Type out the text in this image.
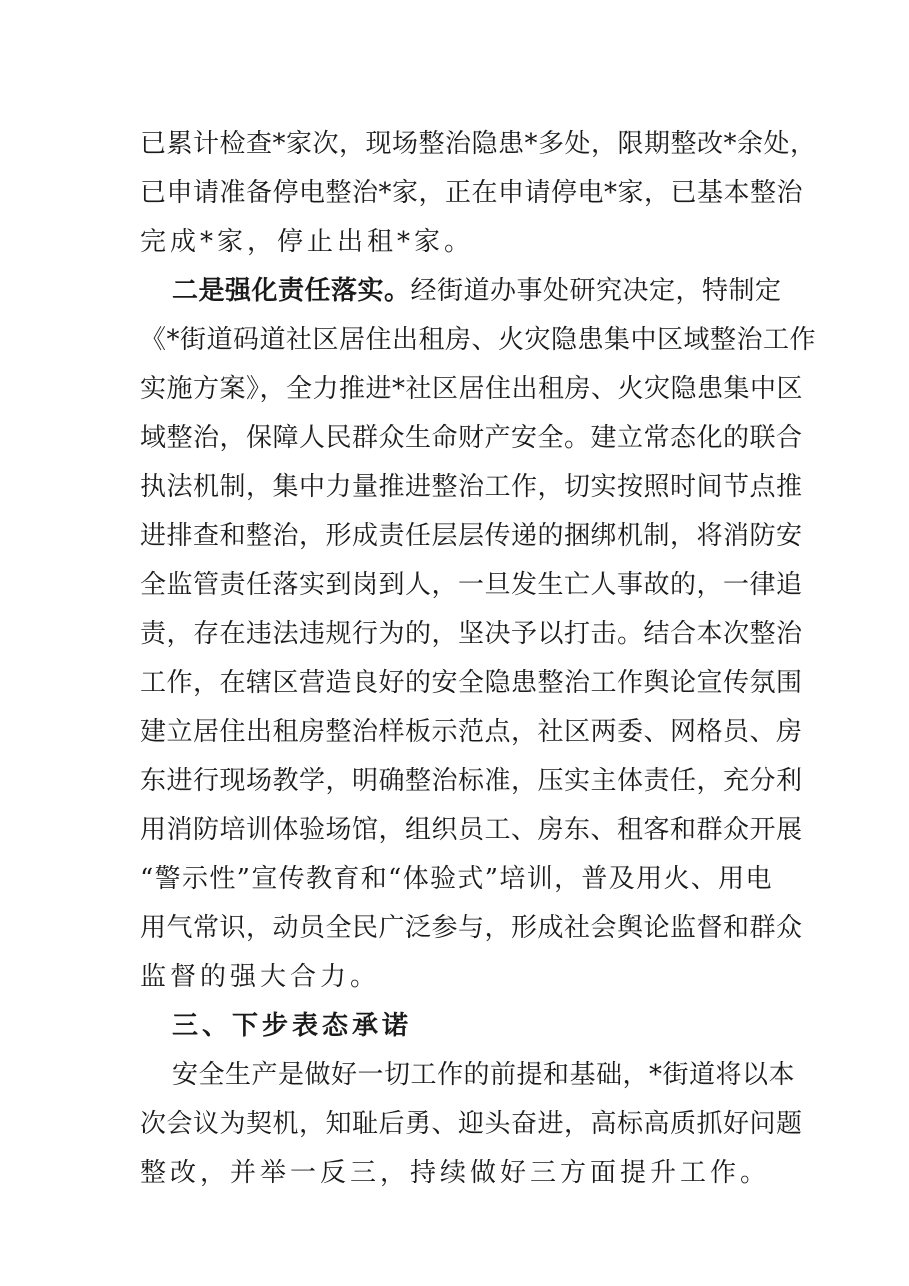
已累计检查*家次，现场整治隐患*多处，限期整改*余处，
已申请准备停电整治*家，正在申请停电*家，已基本整治
完成*家，停止出租*家。
二是强化责任落实。经街道办事处研究决定，特制定
《*街道码道社区居住出租房、火灾隐患集中区域整治工作
实施方案》，全力推进*社区居住出租房、火灾隐患集中区
域整治，保障人民群众生命财产安全。建立常态化的联合
执法机制，集中力量推进整治工作，切实按照时间节点推
进排查和整治，形成责任层层传递的捆绑机制，将消防安
全监管责任落实到岗到人，一旦发生亡人事故的，一律追
责，存在违法违规行为的，坚决予以打击。结合本次整治
工作，在辖区营造良好的安全隐患整治工作舆论宣传氛围
建立居住出租房整治样板示范点，社区两委、网格员、房
东进行现场教学，明确整治标准，压实主体责任，充分利
用消防培训体验场馆，组织员工、房东、租客和群众开展
“警示性”宣传教育和“体验式”培训，普及用火、用电
用气常识，动员全民广泛参与，形成社会舆论监督和群众
监督的强大合力。
三、下步表态承诺
安全生产是做好一切工作的前提和基础，*街道将以本
次会议为契机，知耻后勇、迎头奋进，高标高质抓好问题
整改，并举一反三，持续做好三方面提升工作。
